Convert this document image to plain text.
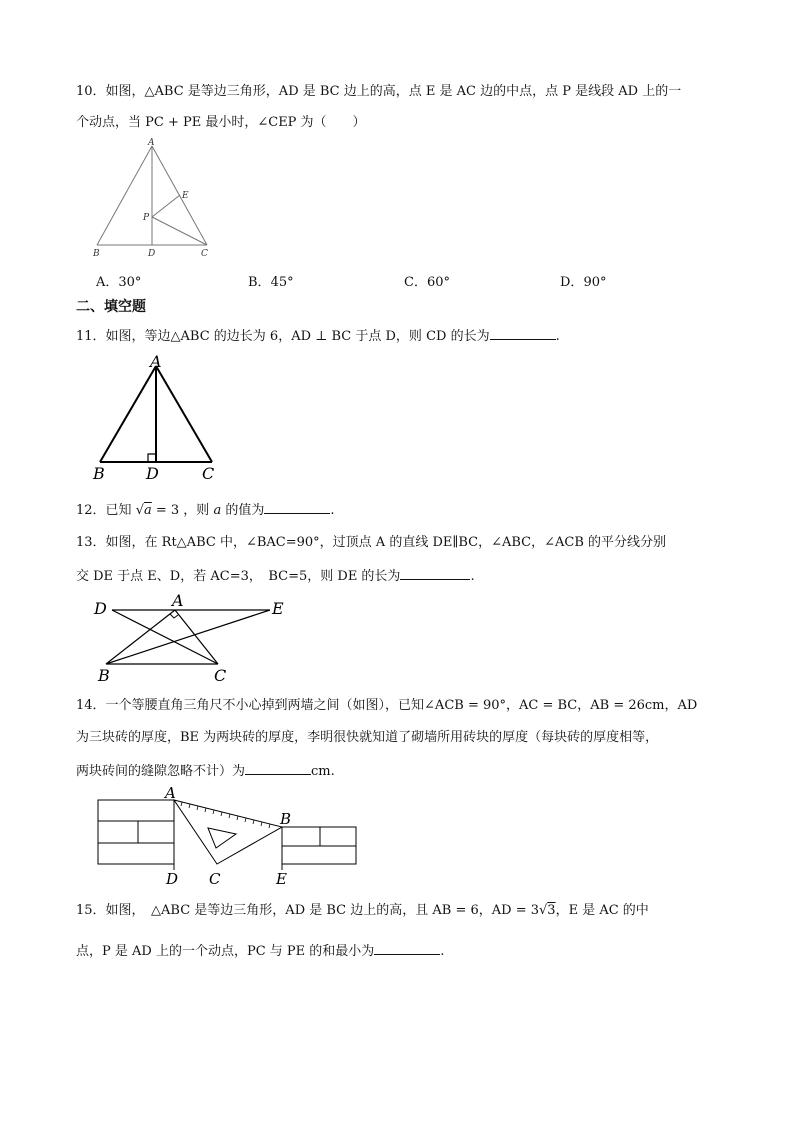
10．如图，△ABC 是等边三角形，AD 是 BC 边上的高，点 E 是 AC 边的中点，点 P 是线段 AD 上的一
个动点，当 PC + PE 最小时，∠CEP 为（　　）
A
B	C
D
E
P
A．30°	B．45°	C．60°	D．90°
二、填空题
11．如图，等边△ABC 的边长为 6，AD ⊥ BC 于点 D，则 CD 的长为	.
A
B	D	C
12．已知 √a = 3 ，则 a 的值为	.
13．如图，在 Rt△ABC 中，∠BAC=90°，过顶点 A 的直线 DE∥BC，∠ABC，∠ACB 的平分线分别
交 DE 于点 E、D，若 AC=3，　BC=5，则 DE 的长为	.
D	A	E
B	C
14．一个等腰直角三角尺不小心掉到两墙之间（如图），已知∠ACB = 90°，AC = BC，AB = 26cm，AD
为三块砖的厚度，BE 为两块砖的厚度，李明很快就知道了砌墙所用砖块的厚度（每块砖的厚度相等，
两块砖间的缝隙忽略不计）为	cm.
A
B
D C	E
15．如图，　△ABC 是等边三角形，AD 是 BC 边上的高，且 AB = 6，AD = 3√3，E 是 AC 的中
点，P 是 AD 上的一个动点，PC 与 PE 的和最小为	.
